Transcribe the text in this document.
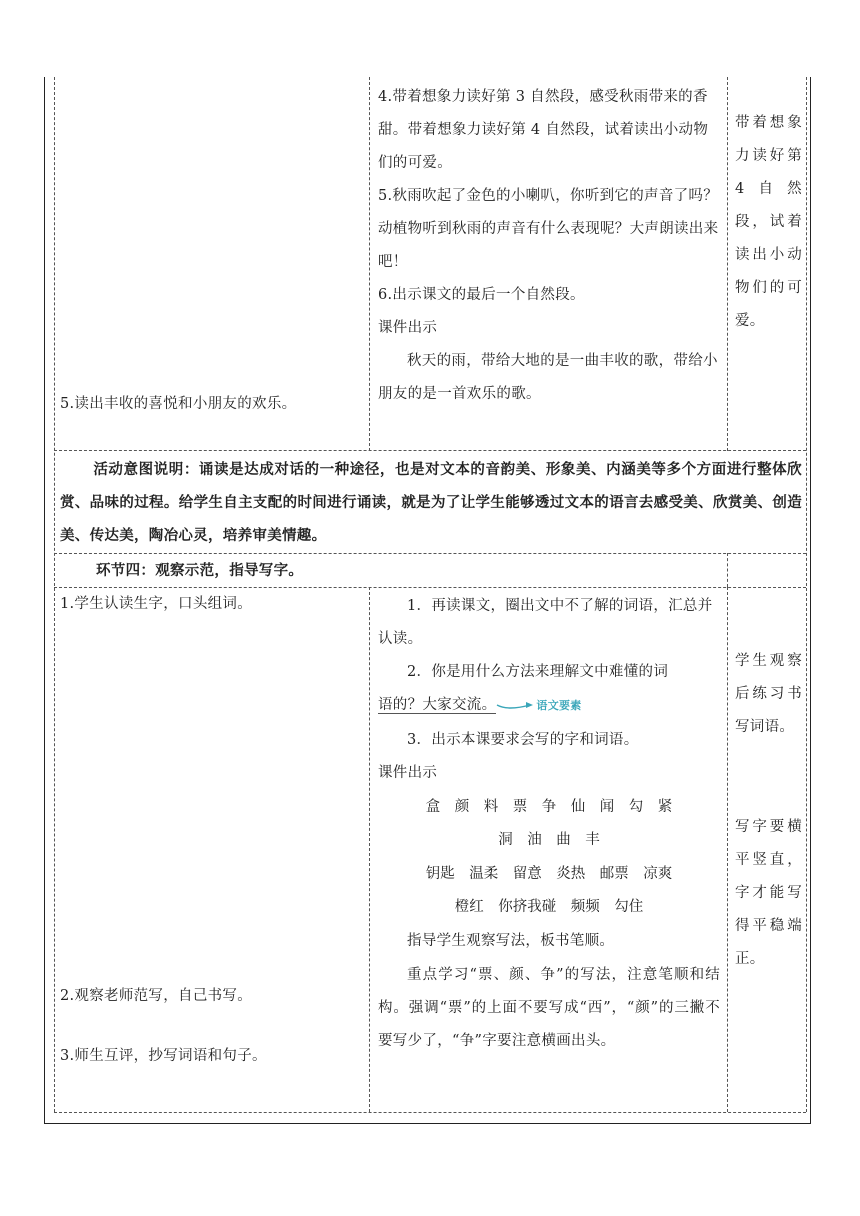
5.读出丰收的喜悦和小朋友的欢乐。
4.带着想象力读好第 3 自然段，感受秋雨带来的香甜。带着想象力读好第 4 自然段，试着读出小动物们的可爱。
5.秋雨吹起了金色的小喇叭，你听到它的声音了吗？动植物听到秋雨的声音有什么表现呢？大声朗读出来吧！
6.出示课文的最后一个自然段。
课件出示
秋天的雨，带给大地的是一曲丰收的歌，带给小朋友的是一首欢乐的歌。
带着想象力读好第4自然段，试着读出小动物们的可爱。
活动意图说明：诵读是达成对话的一种途径，也是对文本的音韵美、形象美、内涵美等多个方面进行整体欣赏、品味的过程。给学生自主支配的时间进行诵读，就是为了让学生能够透过文本的语言去感受美、欣赏美、创造美、传达美，陶冶心灵，培养审美情趣。
环节四：观察示范，指导写字。
1.学生认读生字，口头组词。
2.观察老师范写，自己书写。
3.师生互评，抄写词语和句子。
1．再读课文，圈出文中不了解的词语，汇总并认读。
2．你是用什么方法来理解文中难懂的词
语的？大家交流。	语文要素
3．出示本课要求会写的字和词语。
课件出示
盒　颜　料　票　争　仙　闻　勾　紧
洞　油　曲　丰
钥匙　温柔　留意　炎热　邮票　凉爽
橙红　你挤我碰　频频　勾住
指导学生观察写法，板书笔顺。
重点学习“票、颜、争”的写法，注意笔顺和结构。强调“票”的上面不要写成“西”，“颜”的三撇不要写少了，“争”字要注意横画出头。
学生观察后练习书写词语。
写字要横平竖直，字才能写得平稳端正。
